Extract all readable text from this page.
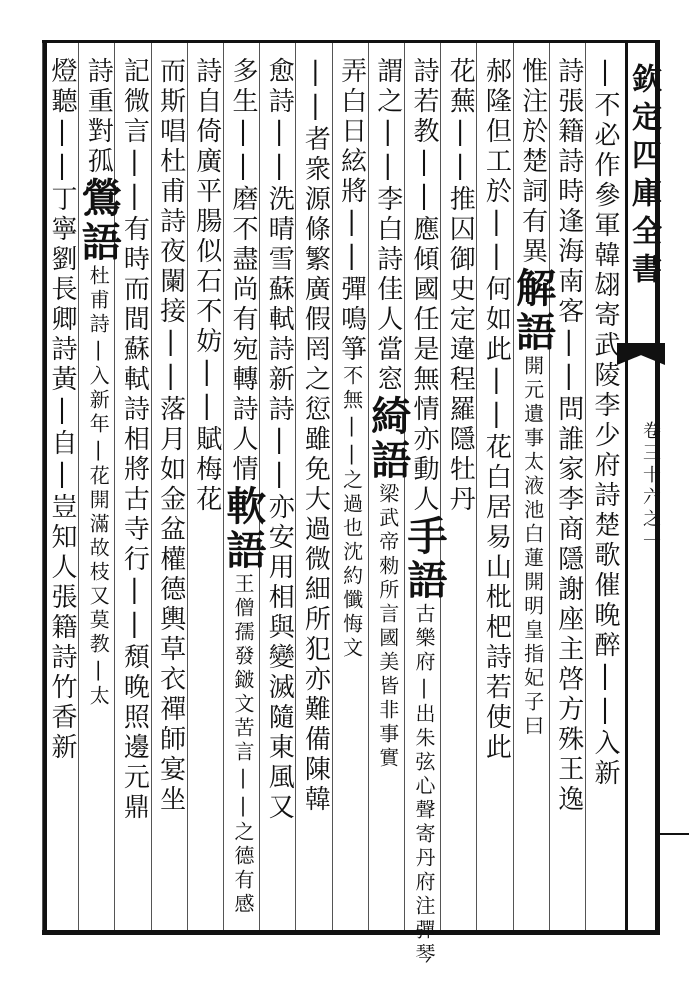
欽定四庫全書
卷三十六之一
|不必作參軍韓翃寄武陵李少府詩楚歌催晚醉||入新
詩張籍詩時逢海南客||問誰家李商隱謝座主啓方殊王逸
惟注於楚詞有異解語開元遺事太液池白蓮開明皇指妃子曰
郝隆但工於||何如此||花白居易山枇杷詩若使此
花蕪||推囚御史定違程羅隱牡丹
詩若教||應傾國任是無情亦動人手語古樂府|出朱弦心聲寄丹府注彈琴
謂之||李白詩佳人當窓綺語梁武帝勑所言國美皆非事實
弄白日絃將||彈鳴箏不無||之過也沈約懺悔文
||者衆源條繁廣假罔之愆雖免大過微細所犯亦難備陳韓
愈詩||洗晴雪蘇軾詩新詩||亦安用相與變滅隨東風又
多生||磨不盡尚有宛轉詩人情軟語王僧孺發𨨏文苦言||之德有感
詩自倚廣平腸似石不妨||賦梅花
而斯唱杜甫詩夜闌接||落月如金盆權德輿草衣禪師宴坐
記微言||有時而間蘇軾詩相將古寺行||頹晚照邊元鼎
詩重對孤鶯語杜甫詩|入新年|花開滿故枝又莫教|太
燈聽||丁寧劉長卿詩黃|自|豈知人張籍詩竹香新
